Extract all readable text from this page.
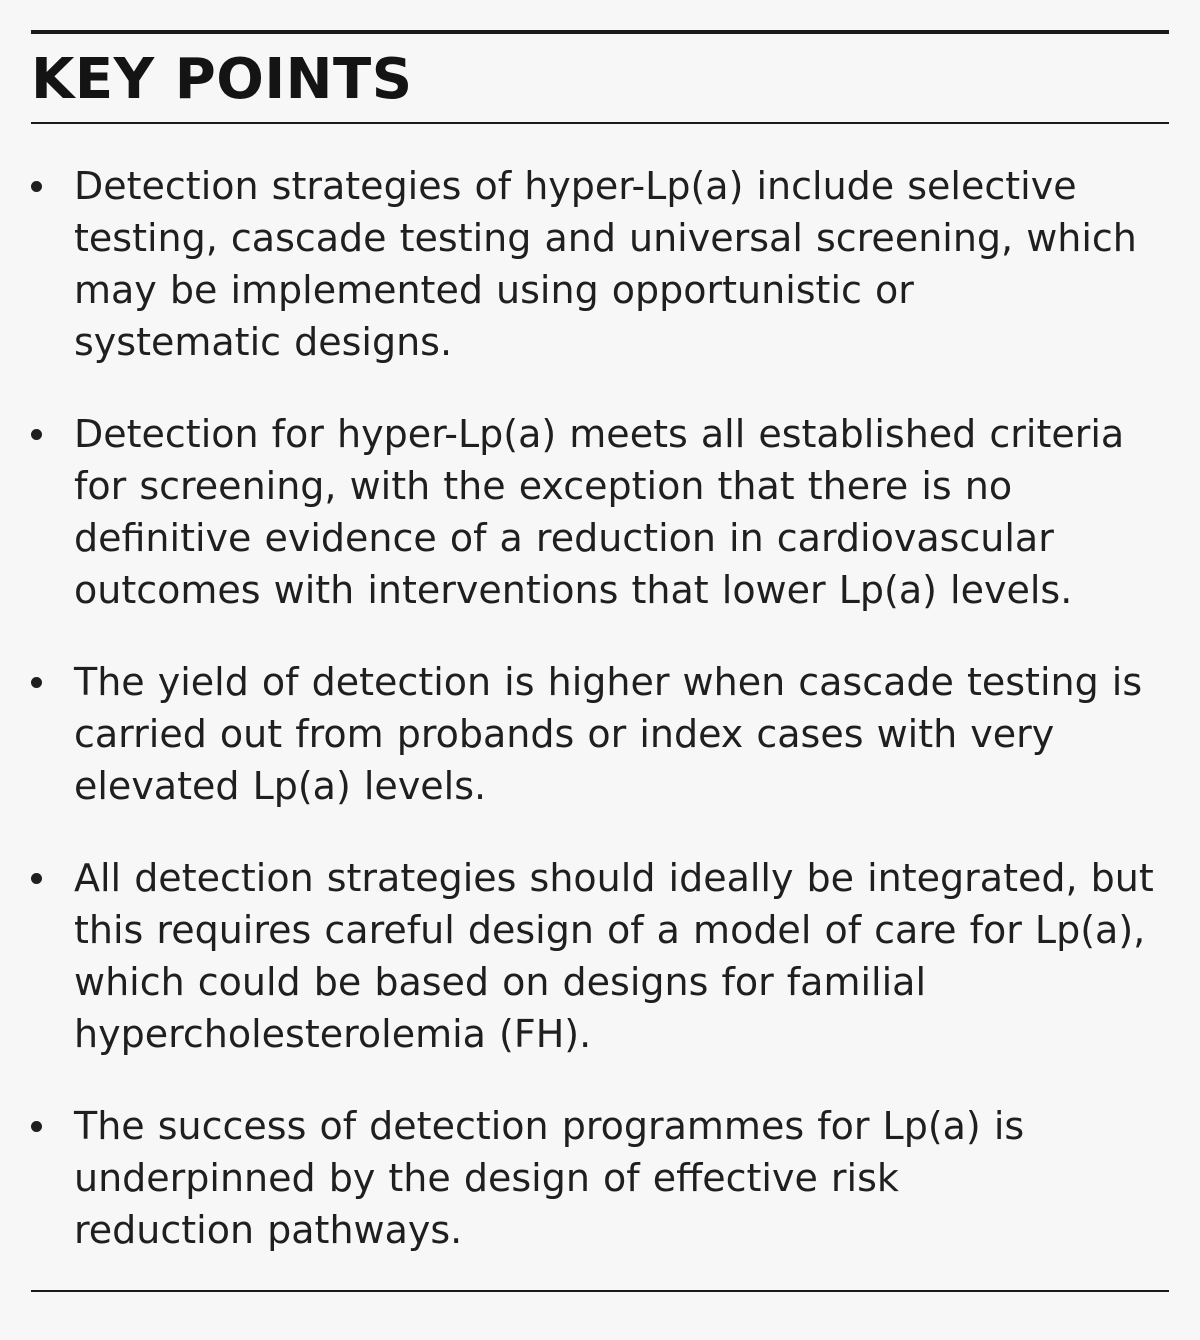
KEY POINTS
Detection strategies of hyper-Lp(a) include selective
testing, cascade testing and universal screening, which
may be implemented using opportunistic or
systematic designs.
Detection for hyper-Lp(a) meets all established criteria
for screening, with the exception that there is no
definitive evidence of a reduction in cardiovascular
outcomes with interventions that lower Lp(a) levels.
The yield of detection is higher when cascade testing is
carried out from probands or index cases with very
elevated Lp(a) levels.
All detection strategies should ideally be integrated, but
this requires careful design of a model of care for Lp(a),
which could be based on designs for familial
hypercholesterolemia (FH).
The success of detection programmes for Lp(a) is
underpinned by the design of effective risk
reduction pathways.
